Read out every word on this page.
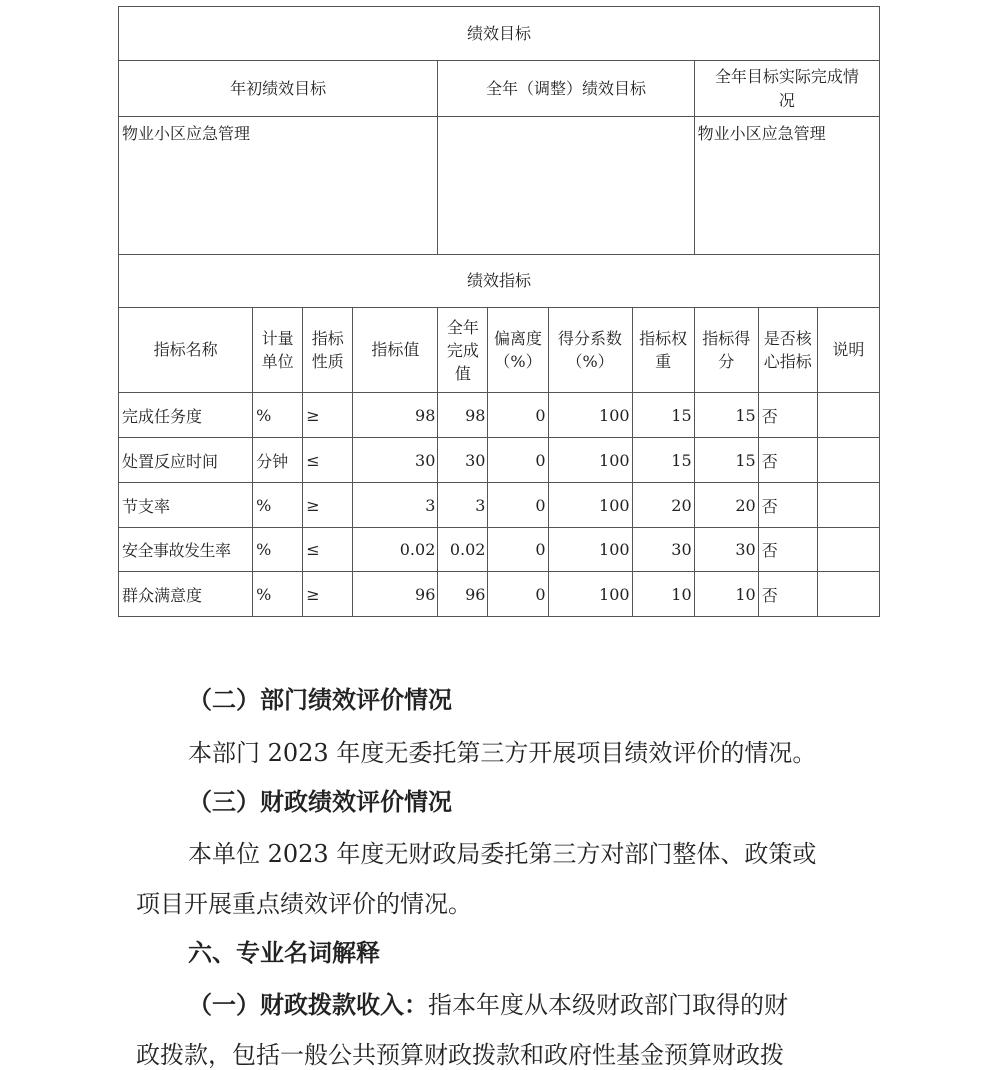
绩效目标										
年初绩效目标				全年（调整）绩效目标				全年目标实际完成情况		
物业小区应急管理								物业小区应急管理		
绩效指标										
指标名称	计量单位	指标性质	指标值	全年完成值	偏离度（%）	得分系数（%）	指标权重	指标得分	是否核心指标	说明
完成任务度	%	≥	98	98	0	100	15	15	否	
处置反应时间	分钟	≤	30	30	0	100	15	15	否	
节支率	%	≥	3	3	0	100	20	20	否	
安全事故发生率	%	≤	0.02	0.02	0	100	30	30	否	
群众满意度	%	≥	96	96	0	100	10	10	否	

（二）部门绩效评价情况

本部门 2023 年度无委托第三方开展项目绩效评价的情况。

（三）财政绩效评价情况

本单位 2023 年度无财政局委托第三方对部门整体、政策或

项目开展重点绩效评价的情况。

六、专业名词解释

（一）财政拨款收入：指本年度从本级财政部门取得的财

政拨款，包括一般公共预算财政拨款和政府性基金预算财政拨
